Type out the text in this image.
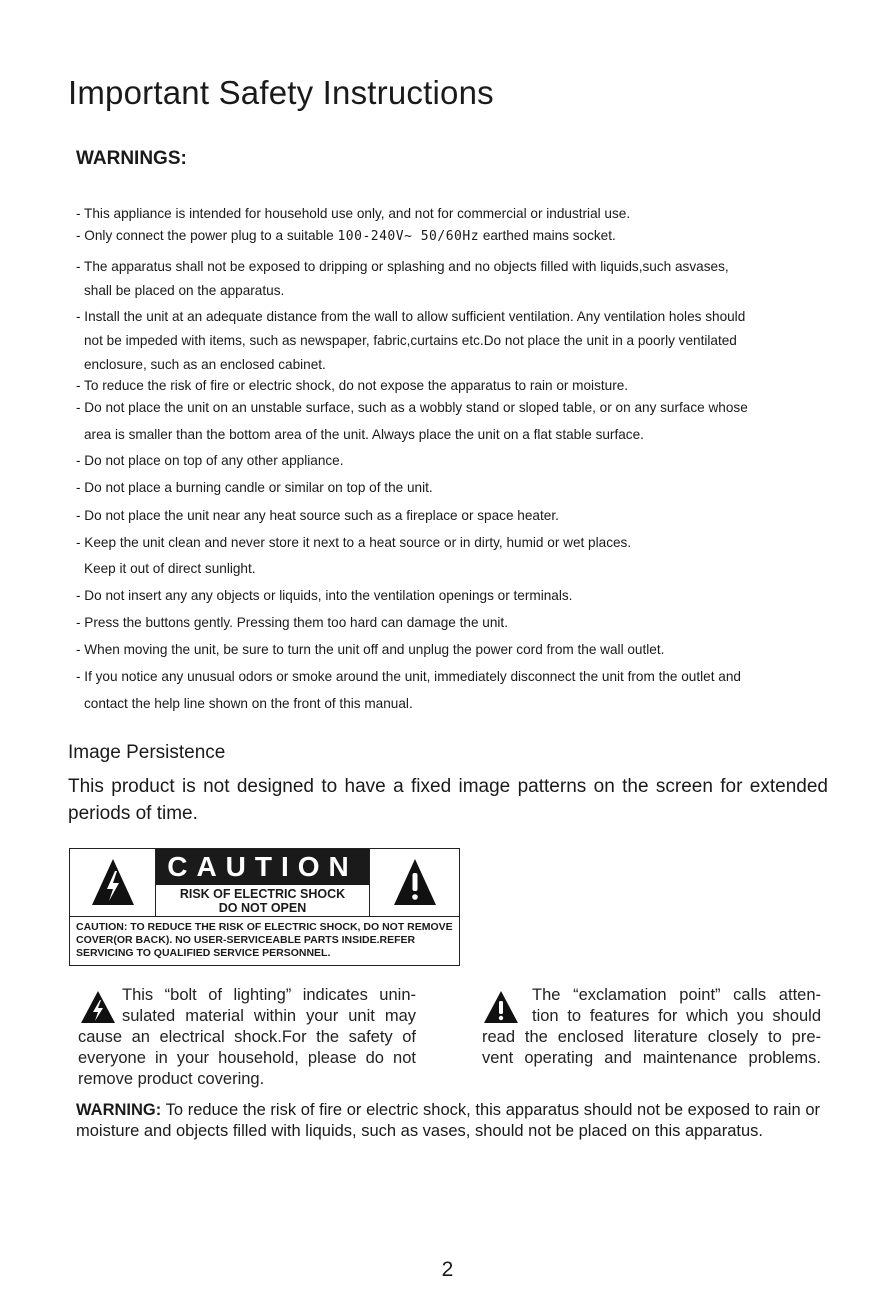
Important Safety Instructions
WARNINGS:
- This appliance is intended for household use only, and not for commercial or industrial use.
- Only connect the power plug to a suitable 100-240V~ 50/60Hz earthed mains socket.
- The apparatus shall not be exposed to dripping or splashing and no objects filled with liquids,such asvases,
shall be placed on the apparatus.
- Install the unit at an adequate distance from the wall to allow sufficient ventilation. Any ventilation holes should
not be impeded with items, such as newspaper, fabric,curtains etc.Do not place the unit in a poorly ventilated
enclosure, such as an enclosed cabinet.
- To reduce the risk of fire or electric shock, do not expose the apparatus to rain or moisture.
- Do not place the unit on an unstable surface, such as a wobbly stand or sloped table, or on any surface whose
area is smaller than the bottom area of the unit. Always place the unit on a flat stable surface.
- Do not place on top of any other appliance.
- Do not place a burning candle or similar on top of the unit.
- Do not place the unit near any heat source such as a fireplace or space heater.
- Keep the unit clean and never store it next to a heat source or in dirty, humid or wet places.
Keep it out of direct sunlight.
- Do not insert any any objects or liquids, into the ventilation openings or terminals.
- Press the buttons gently. Pressing them too hard can damage the unit.
- When moving the unit, be sure to turn the unit off and unplug the power cord from the wall outlet.
- If you notice any unusual odors or smoke around the unit, immediately disconnect the unit from the outlet and
contact the help line shown on the front of this manual.
Image Persistence
This product is not designed to have a fixed image patterns on the screen for extended periods of time.
CAUTION
RISK OF ELECTRIC SHOCK
DO NOT OPEN
CAUTION: TO REDUCE THE RISK OF ELECTRIC SHOCK, DO NOT REMOVE COVER(OR BACK). NO USER-SERVICEABLE PARTS INSIDE.REFER SERVICING TO QUALIFIED SERVICE PERSONNEL.
This “bolt of lighting” indicates unin-
sulated material within your unit may
cause an electrical shock.For the safety of
everyone in your household, please do not
remove product covering.
The “exclamation point” calls atten-
tion to features for which you should
read the enclosed literature closely to pre-
vent operating and maintenance problems.
WARNING: To reduce the risk of fire or electric shock, this apparatus should not be exposed to rain or moisture and objects filled with liquids, such as vases, should not be placed on this apparatus.
2
